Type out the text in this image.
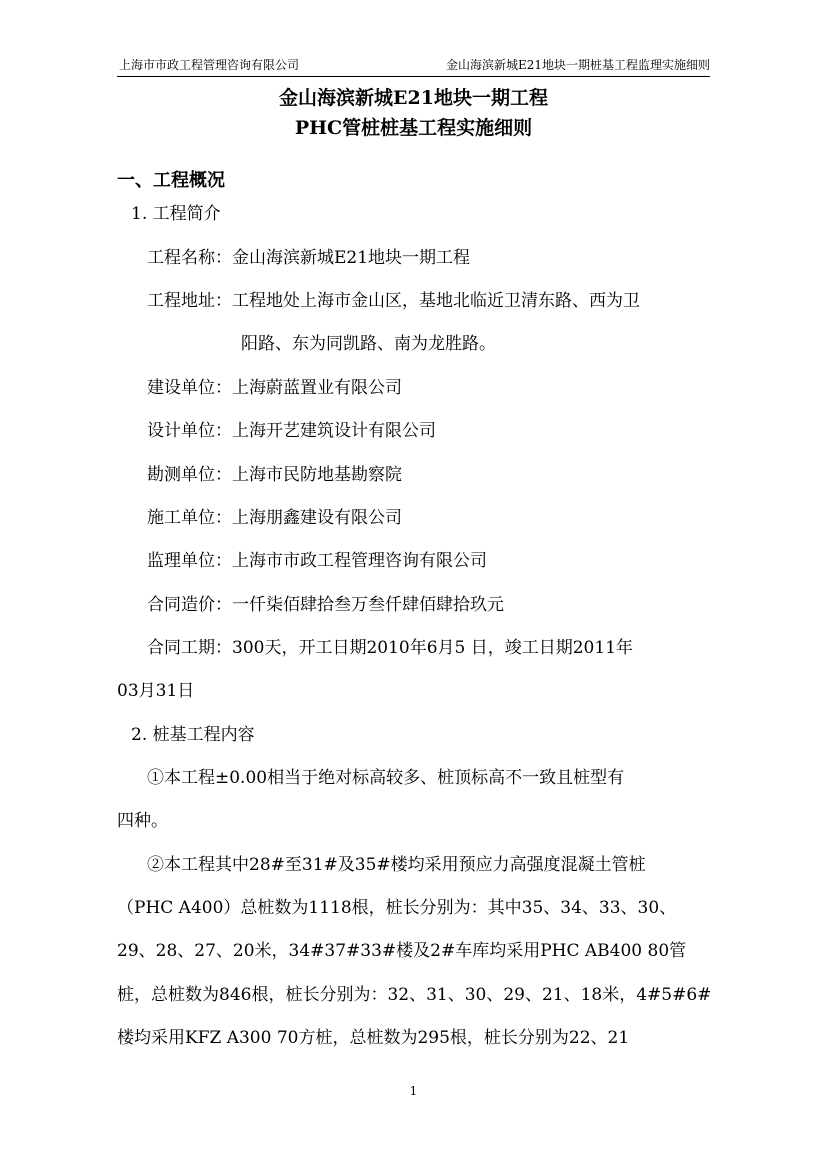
上海市市政工程管理咨询有限公司	金山海滨新城E21地块一期桩基工程监理实施细则
金山海滨新城E21地块一期工程
PHC管桩桩基工程实施细则
一、工程概况
1. 工程简介
工程名称：金山海滨新城E21地块一期工程
工程地址：工程地处上海市金山区，基地北临近卫清东路、西为卫
阳路、东为同凯路、南为龙胜路。
建设单位：上海蔚蓝置业有限公司
设计单位：上海开艺建筑设计有限公司
勘测单位：上海市民防地基勘察院
施工单位：上海朋鑫建设有限公司
监理单位：上海市市政工程管理咨询有限公司
合同造价：一仟柒佰肆拾叁万叁仟肆佰肆拾玖元
合同工期：300天，开工日期2010年6月5 日，竣工日期2011年
03月31日
2. 桩基工程内容
①本工程±0.00相当于绝对标高较多、桩顶标高不一致且桩型有
四种。
②本工程其中28#至31#及35#楼均采用预应力高强度混凝土管桩
（PHC A400）总桩数为1118根，桩长分别为：其中35、34、33、30、
29、28、27、20米，34#37#33#楼及2#车库均采用PHC AB400 80管
桩，总桩数为846根，桩长分别为：32、31、30、29、21、18米，4#5#6#
楼均采用KFZ A300 70方桩，总桩数为295根，桩长分别为22、21
1
